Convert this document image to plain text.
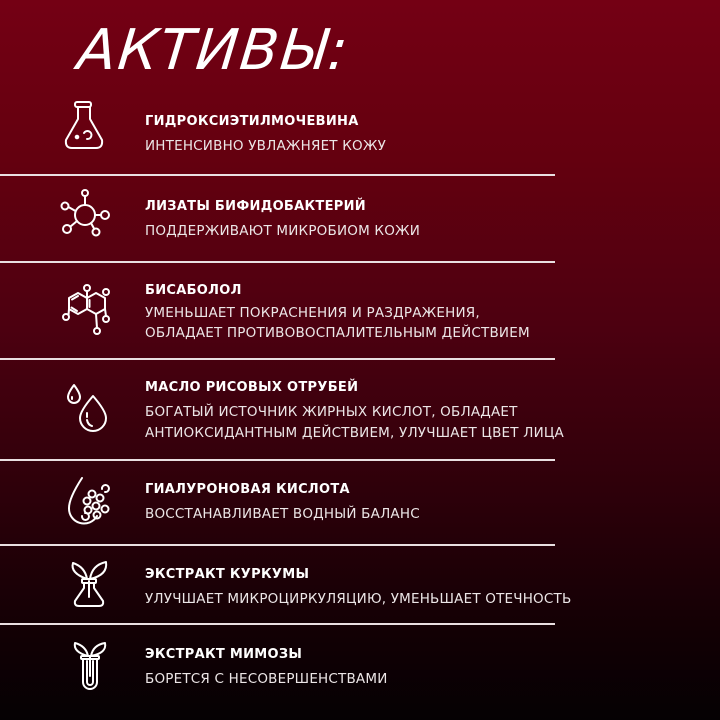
АКТИВЫ:
ГИДРОКСИЭТИЛМОЧЕВИНА
ИНТЕНСИВНО УВЛАЖНЯЕТ КОЖУ
ЛИЗАТЫ БИФИДОБАКТЕРИЙ
ПОДДЕРЖИВАЮТ МИКРОБИОМ КОЖИ
БИСАБОЛОЛ
УМЕНЬШАЕТ ПОКРАСНЕНИЯ И РАЗДРАЖЕНИЯ,
ОБЛАДАЕТ ПРОТИВОВОСПАЛИТЕЛЬНЫМ ДЕЙСТВИЕМ
МАСЛО РИСОВЫХ ОТРУБЕЙ
БОГАТЫЙ ИСТОЧНИК ЖИРНЫХ КИСЛОТ, ОБЛАДАЕТ
АНТИОКСИДАНТНЫМ ДЕЙСТВИЕМ, УЛУЧШАЕТ ЦВЕТ ЛИЦА
ГИАЛУРОНОВАЯ КИСЛОТА
ВОССТАНАВЛИВАЕТ ВОДНЫЙ БАЛАНС
ЭКСТРАКТ КУРКУМЫ
УЛУЧШАЕТ МИКРОЦИРКУЛЯЦИЮ, УМЕНЬШАЕТ ОТЕЧНОСТЬ
ЭКСТРАКТ МИМОЗЫ
БОРЕТСЯ С НЕСОВЕРШЕНСТВАМИ
